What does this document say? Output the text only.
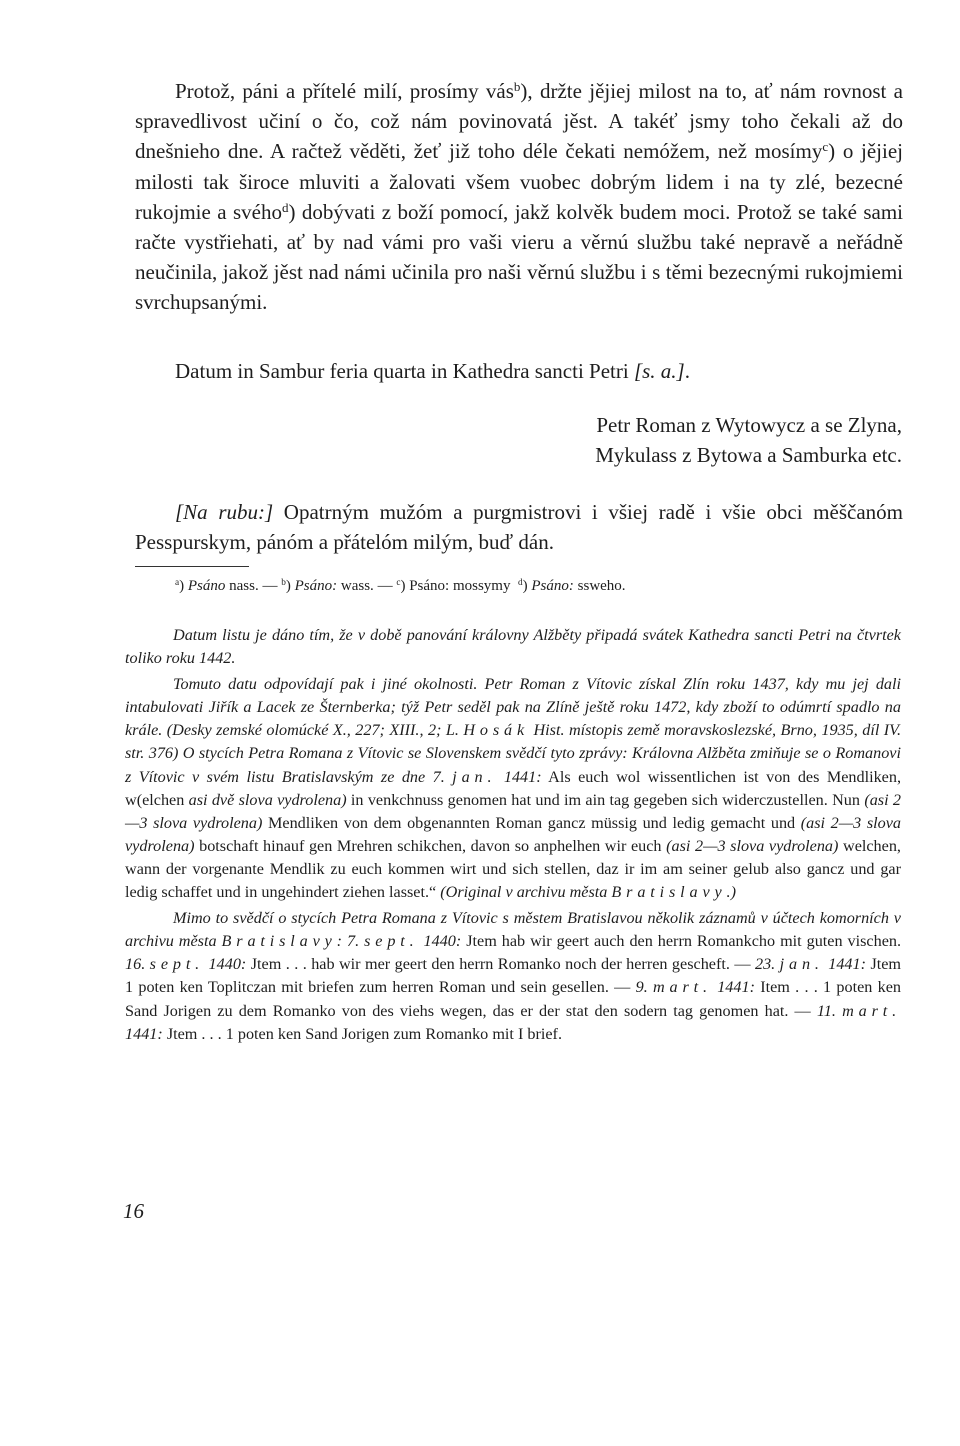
Protož, páni a přítelé milí, prosímy vás$^b$), držte jějiej milost na to, ať nám rovnost a spravedlivost učiní o čo, což nám povinovatá jěst. A takéť jsmy toho čekali až do dnešnieho dne. A račtež věděti, žeť již toho déle čekati nemóžem, než mosímy$^c$) o jějiej milosti tak široce mluviti a žalovati všem vuobec dobrým lidem i na ty zlé, bezecné rukojmie a svého$^d$) dobývati z boží pomocí, jakž kolvěk budem moci. Protož se také sami račte vystřiehati, ať by nad vámi pro vaši vieru a věrnú službu také nepravě a neřádně neučinila, jakož jěst nad námi učinila pro naši věrnú službu i s těmi bezecnými rukojmiemi svrchupsanými.

Datum in Sambur feria quarta in Kathedra sancti Petri [s. a.].
Petr Roman z Wytowycz a se Zlyna,
Mykulass z Bytowa a Samburka etc.
[Na rubu:] Opatrným mužóm a purgmistrovi i všiej radě i všie obci měščanóm Pesspurskym, pánóm a přátelóm milým, buď dán.
$^a$) Psáno nass. — $^b$) Psáno: wass. — $^c$) Psáno: mossymy $^d$) Psáno: ssweho.

Datum listu je dáno tím, že v době panování královny Alžběty připadá svátek Kathedra sancti Petri na čtvrtek toliko roku 1442.

Tomuto datu odpovídají pak i jiné okolnosti. Petr Roman z Vítovic získal Zlín roku 1437, kdy mu jej dali intabulovati Jiřík a Lacek ze Šternberka; týž Petr seděl pak na Zlíně ještě roku 1472, kdy zboží to odúmrtí spadlo na krále. (Desky zemské olomúcké X., 227; XIII., 2; L. Hosák Hist. místopis země moravskoslezské, Brno, 1935, díl IV. str. 376) O stycích Petra Romana z Vítovic se Slovenskem svědčí tyto zprávy: Královna Alžběta zmiňuje se o Romanovi z Vítovic v svém listu Bratislavským ze dne 7. jan. 1441: Als euch wol wissentlichen ist von des Mendliken, w(elchen asi dvě slova vydrolena) in venkchnuss genomen hat und im ain tag gegeben sich widerczustellen. Nun (asi 2—3 slova vydrolena) Mendliken von dem obgenannten Roman gancz müssig und ledig gemacht und (asi 2—3 slova vydrolena) botschaft hinauf gen Mrehren schikchen, davon so anphelhen wir euch (asi 2—3 slova vydrolena) welchen, wann der vorgenante Mendlik zu euch kommen wirt und sich stellen, daz ir im am seiner gelub also gancz und gar ledig schaffet und in ungehindert ziehen lasset.“ (Original v archivu města Bratislavy.)

Mimo to svědčí o stycích Petra Romana z Vítovic s městem Bratislavou několik záznamů v účtech komorních v archivu města Bratislavy: 7. sept. 1440: Jtem hab wir geert auch den herrn Romankcho mit guten vischen. 16. sept. 1440: Jtem . . . hab wir mer geert den herrn Romanko noch der herren gescheft. — 23. jan. 1441: Jtem 1 poten ken Toplitczan mit briefen zum herren Roman und sein gesellen. — 9. mart. 1441: Item . . . 1 poten ken Sand Jorigen zu dem Romanko von des viehs wegen, das er der stat den sodern tag genomen hat. — 11. mart. 1441: Jtem . . . 1 poten ken Sand Jorigen zum Romanko mit I brief.

16
